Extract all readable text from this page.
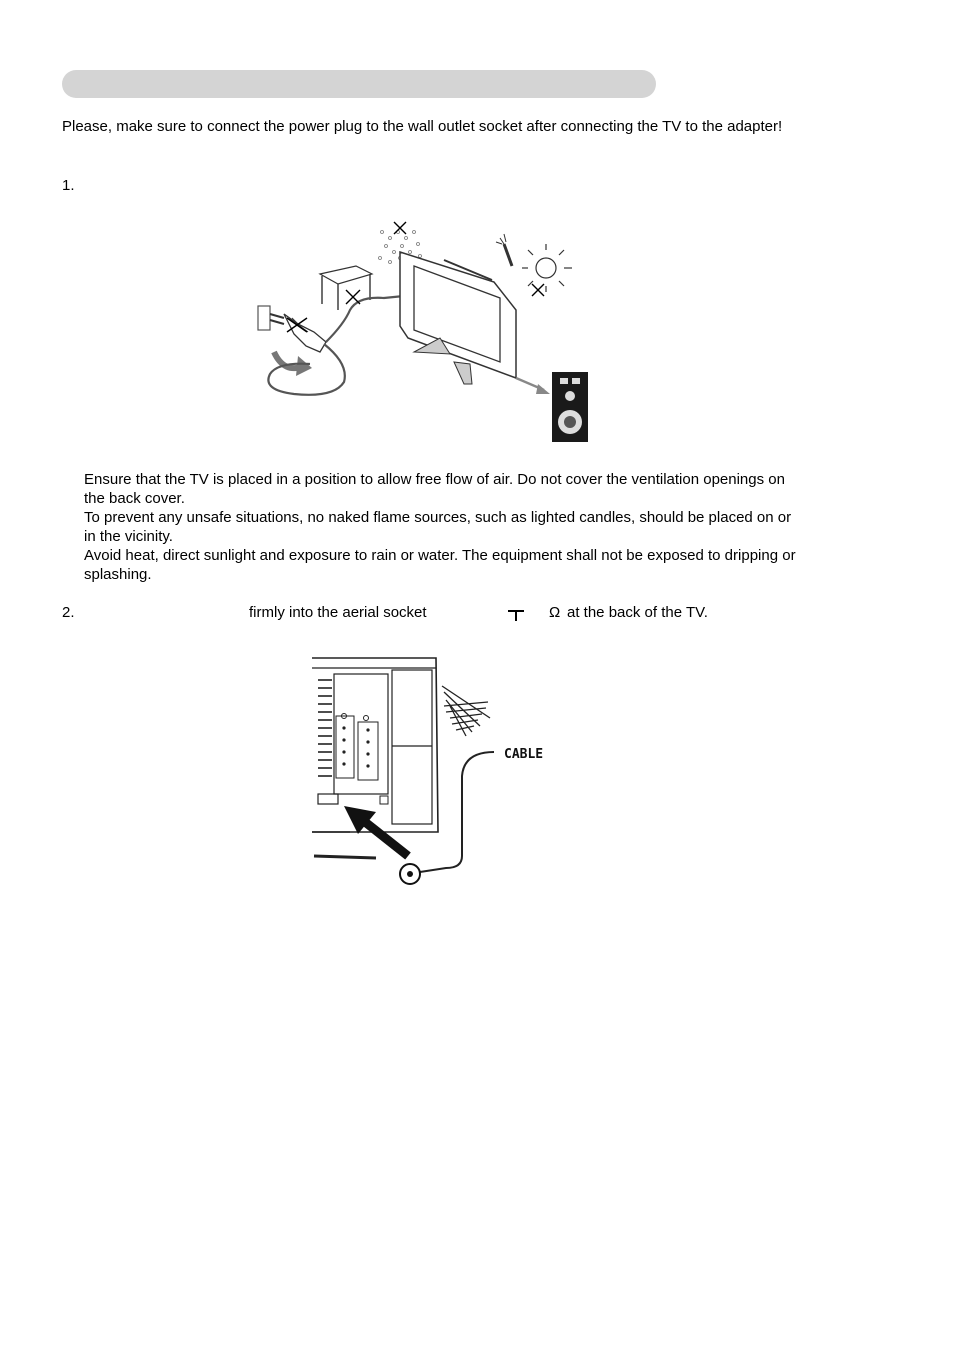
Please, make sure to connect the power plug to the wall outlet socket after connecting the TV to the adapter!
1.

Ensure that the TV is placed in a position to allow free flow of air. Do not cover the ventilation openings on the back cover.

To prevent any unsafe situations, no naked flame sources, such as lighted candles, should be placed on or in the vicinity.

Avoid heat, direct sunlight and exposure to rain or water. The equipment shall not be exposed to dripping or splashing.

2.	firmly into the aerial socket	Ω at the back of the TV.
CABLE
